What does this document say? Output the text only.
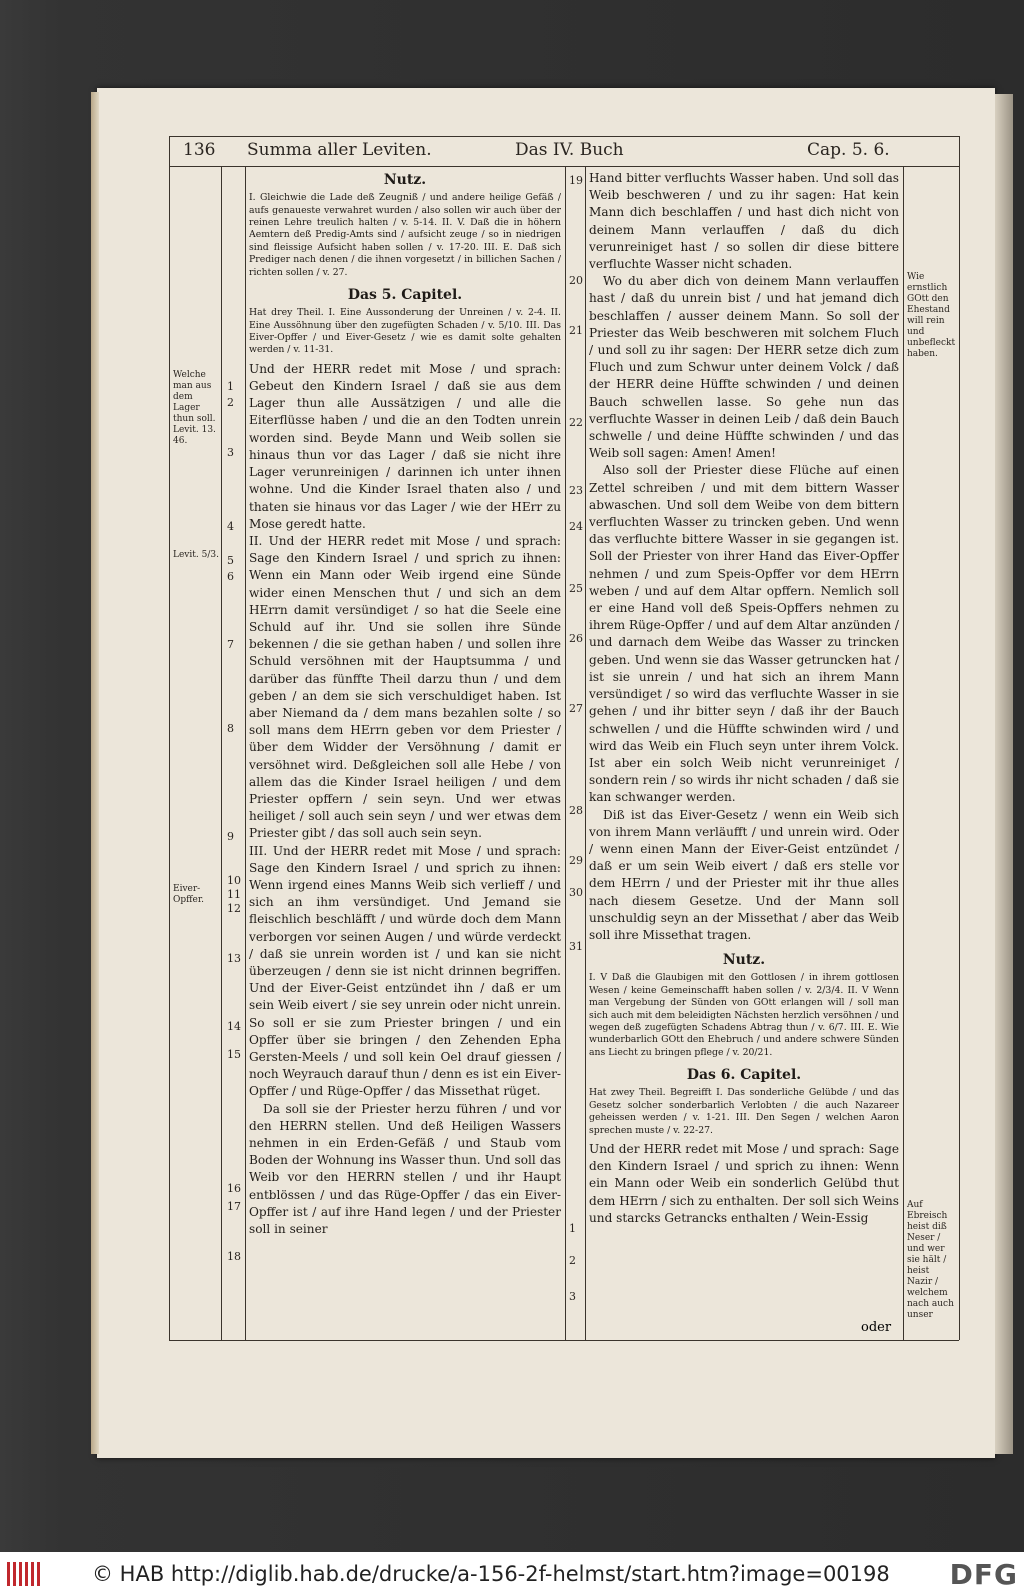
136 Summa aller Leviten.	Das IV. Buch	Cap. 5. 6.
Nutz.

I. Gleichwie die Lade deß Zeugniß / und andere heilige Gefäß / aufs genaueste verwahret wurden / also sollen wir auch über der reinen Lehre treulich halten / v. 5-14. II. V. Daß die in höhern Aemtern deß Predig-Amts sind / aufsicht zeuge / so in niedrigen sind fleissige Aufsicht haben sollen / v. 17-20. III. E. Daß sich Prediger nach denen / die ihnen vorgesetzt / in billichen Sachen / richten sollen / v. 27.

Das 5. Capitel.

Hat drey Theil. I. Eine Aussonderung der Unreinen / v. 2-4. II. Eine Aussöhnung über den zugefügten Schaden / v. 5/10. III. Das Eiver-Opffer / und Eiver-Gesetz / wie es damit solte gehalten werden / v. 11-31.

Und der HERR redet mit Mose / und sprach: Gebeut den Kindern Israel / daß sie aus dem Lager thun alle Aussätzigen / und alle die Eiterflüsse haben / und die an den Todten unrein worden sind. Beyde Mann und Weib sollen sie hinaus thun vor das Lager / daß sie nicht ihre Lager verunreinigen / darinnen ich unter ihnen wohne. Und die Kinder Israel thaten also / und thaten sie hinaus vor das Lager / wie der HErr zu Mose geredt hatte.

II. Und der HERR redet mit Mose / und sprach: Sage den Kindern Israel / und sprich zu ihnen: Wenn ein Mann oder Weib irgend eine Sünde wider einen Menschen thut / und sich an dem HErrn damit versündiget / so hat die Seele eine Schuld auf ihr. Und sie sollen ihre Sünde bekennen / die sie gethan haben / und sollen ihre Schuld versöhnen mit der Hauptsumma / und darüber das fünffte Theil darzu thun / und dem geben / an dem sie sich verschuldiget haben. Ist aber Niemand da / dem mans bezahlen solte / so soll mans dem HErrn geben vor dem Priester / über dem Widder der Versöhnung / damit er versöhnet wird. Deßgleichen soll alle Hebe / von allem das die Kinder Israel heiligen / und dem Priester opffern / sein seyn. Und wer etwas heiliget / soll auch sein seyn / und wer etwas dem Priester gibt / das soll auch sein seyn.

III. Und der HERR redet mit Mose / und sprach: Sage den Kindern Israel / und sprich zu ihnen: Wenn irgend eines Manns Weib sich verlieff / und sich an ihm versündiget. Und Jemand sie fleischlich beschläfft / und würde doch dem Mann verborgen vor seinen Augen / und würde verdeckt / daß sie unrein worden ist / und kan sie nicht überzeugen / denn sie ist nicht drinnen begriffen. Und der Eiver-Geist entzündet ihn / daß er um sein Weib eivert / sie sey unrein oder nicht unrein. So soll er sie zum Priester bringen / und ein Opffer über sie bringen / den Zehenden Epha Gersten-Meels / und soll kein Oel drauf giessen / noch Weyrauch darauf thun / denn es ist ein Eiver-Opffer / und Rüge-Opffer / das Missethat rüget.

Da soll sie der Priester herzu führen / und vor den HERRN stellen. Und deß Heiligen Wassers nehmen in ein Erden-Gefäß / und Staub vom Boden der Wohnung ins Wasser thun. Und soll das Weib vor den HERRN stellen / und ihr Haupt entblössen / und das Rüge-Opffer / das ein Eiver-Opffer ist / auf ihre Hand legen / und der Priester soll in seiner

Hand bitter verfluchts Wasser haben. Und soll das Weib beschweren / und zu ihr sagen: Hat kein Mann dich beschlaffen / und hast dich nicht von deinem Mann verlauffen / daß du dich verunreiniget hast / so sollen dir diese bittere verfluchte Wasser nicht schaden.

Wo du aber dich von deinem Mann verlauffen hast / daß du unrein bist / und hat jemand dich beschlaffen / ausser deinem Mann. So soll der Priester das Weib beschweren mit solchem Fluch / und soll zu ihr sagen: Der HERR setze dich zum Fluch und zum Schwur unter deinem Volck / daß der HERR deine Hüffte schwinden / und deinen Bauch schwellen lasse. So gehe nun das verfluchte Wasser in deinen Leib / daß dein Bauch schwelle / und deine Hüffte schwinden / und das Weib soll sagen: Amen! Amen!

Also soll der Priester diese Flüche auf einen Zettel schreiben / und mit dem bittern Wasser abwaschen. Und soll dem Weibe von dem bittern verfluchten Wasser zu trincken geben. Und wenn das verfluchte bittere Wasser in sie gegangen ist. Soll der Priester von ihrer Hand das Eiver-Opffer nehmen / und zum Speis-Opffer vor dem HErrn weben / und auf dem Altar opffern. Nemlich soll er eine Hand voll deß Speis-Opffers nehmen zu ihrem Rüge-Opffer / und auf dem Altar anzünden / und darnach dem Weibe das Wasser zu trincken geben. Und wenn sie das Wasser getruncken hat / ist sie unrein / und hat sich an ihrem Mann versündiget / so wird das verfluchte Wasser in sie gehen / und ihr bitter seyn / daß ihr der Bauch schwellen / und die Hüffte schwinden wird / und wird das Weib ein Fluch seyn unter ihrem Volck. Ist aber ein solch Weib nicht verunreiniget / sondern rein / so wirds ihr nicht schaden / daß sie kan schwanger werden.

Diß ist das Eiver-Gesetz / wenn ein Weib sich von ihrem Mann verläufft / und unrein wird. Oder / wenn einen Mann der Eiver-Geist entzündet / daß er um sein Weib eivert / daß ers stelle vor dem HErrn / und der Priester mit ihr thue alles nach diesem Gesetze. Und der Mann soll unschuldig seyn an der Missethat / aber das Weib soll ihre Missethat tragen.

Nutz.

I. V Daß die Glaubigen mit den Gottlosen / in ihrem gottlosen Wesen / keine Gemeinschafft haben sollen / v. 2/3/4. II. V Wenn man Vergebung der Sünden von GOtt erlangen will / soll man sich auch mit dem beleidigten Nächsten herzlich versöhnen / und wegen deß zugefügten Schadens Abtrag thun / v. 6/7. III. E. Wie wunderbarlich GOtt den Ehebruch / und andere schwere Sünden ans Liecht zu bringen pflege / v. 20/21.

Das 6. Capitel.

Hat zwey Theil. Begreifft I. Das sonderliche Gelübde / und das Gesetz solcher sonderbarlich Verlobten / die auch Nazareer geheissen werden / v. 1-21. III. Den Segen / welchen Aaron sprechen muste / v. 22-27.

Und der HERR redet mit Mose / und sprach: Sage den Kindern Israel / und sprich zu ihnen: Wenn ein Mann oder Weib ein sonderlich Gelübd thut dem HErrn / sich zu enthalten. Der soll sich Weins und starcks Getrancks enthalten / Wein-Essig

oder
1
2
3
4
5
6
7
8
9
10
11
12
13
14
15
16
17
18
19
20
21
22
23
24
25
26
27
28
29
30
31
1
2
3
Welche man aus dem Lager thun soll. Levit. 13. 46.
Levit. 5/3.
Eiver-Opffer.
Wie ernstlich GOtt den Ehestand will rein und unbefleckt haben.
Auf Ebreisch heist diß Neser / und wer sie hält / heist Nazir / welchem nach auch unser
© HAB http://diglib.hab.de/drucke/a-156-2f-helmst/start.htm?image=00198 DFG
